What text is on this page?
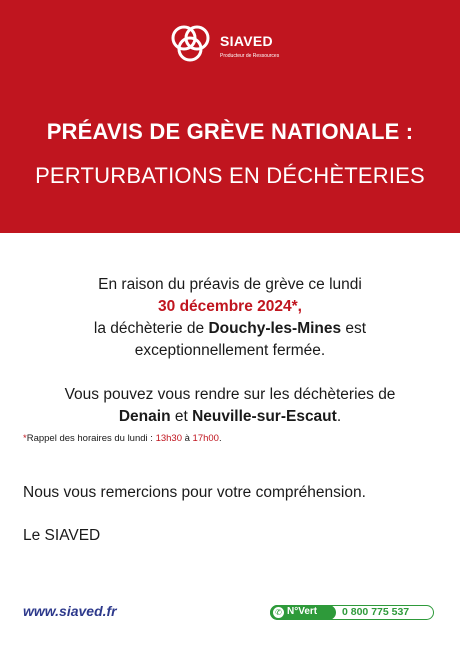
SIAVED
Producteur de Ressources
PRÉAVIS DE GRÈVE NATIONALE :
PERTURBATIONS EN DÉCHÈTERIES
En raison du préavis de grève ce lundi
30 décembre 2024*,
la déchèterie de Douchy-les-Mines est
exceptionnellement fermée.
Vous pouvez vous rendre sur les déchèteries de
Denain et Neuville-sur-Escaut.
*Rappel des horaires du lundi : 13h30 à 17h00.
Nous vous remercions pour votre compréhension.
Le SIAVED
www.siaved.fr	✆ N°Vert 0 800 775 537
